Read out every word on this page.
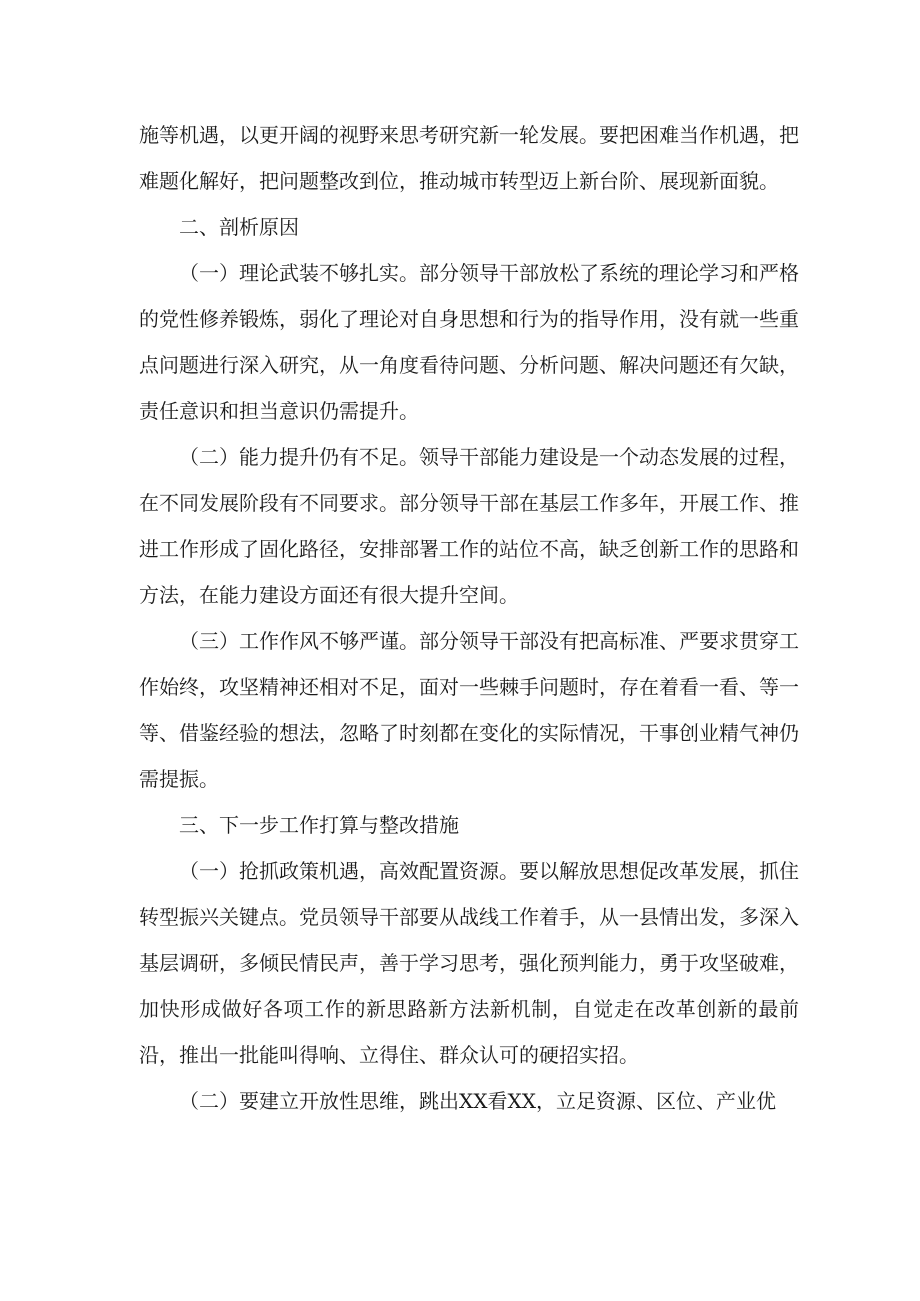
施等机遇，以更开阔的视野来思考研究新一轮发展。要把困难当作机遇，把难题化解好，把问题整改到位，推动城市转型迈上新台阶、展现新面貌。

二、剖析原因

（一）理论武装不够扎实。部分领导干部放松了系统的理论学习和严格的党性修养锻炼，弱化了理论对自身思想和行为的指导作用，没有就一些重点问题进行深入研究，从一角度看待问题、分析问题、解决问题还有欠缺，责任意识和担当意识仍需提升。

（二）能力提升仍有不足。领导干部能力建设是一个动态发展的过程，在不同发展阶段有不同要求。部分领导干部在基层工作多年，开展工作、推进工作形成了固化路径，安排部署工作的站位不高，缺乏创新工作的思路和方法，在能力建设方面还有很大提升空间。

（三）工作作风不够严谨。部分领导干部没有把高标准、严要求贯穿工作始终，攻坚精神还相对不足，面对一些棘手问题时，存在着看一看、等一等、借鉴经验的想法，忽略了时刻都在变化的实际情况，干事创业精气神仍需提振。

三、下一步工作打算与整改措施

（一）抢抓政策机遇，高效配置资源。要以解放思想促改革发展，抓住转型振兴关键点。党员领导干部要从战线工作着手，从一县情出发，多深入基层调研，多倾民情民声，善于学习思考，强化预判能力，勇于攻坚破难，加快形成做好各项工作的新思路新方法新机制，自觉走在改革创新的最前沿，推出一批能叫得响、立得住、群众认可的硬招实招。

（二）要建立开放性思维，跳出XX看XX，立足资源、区位、产业优
